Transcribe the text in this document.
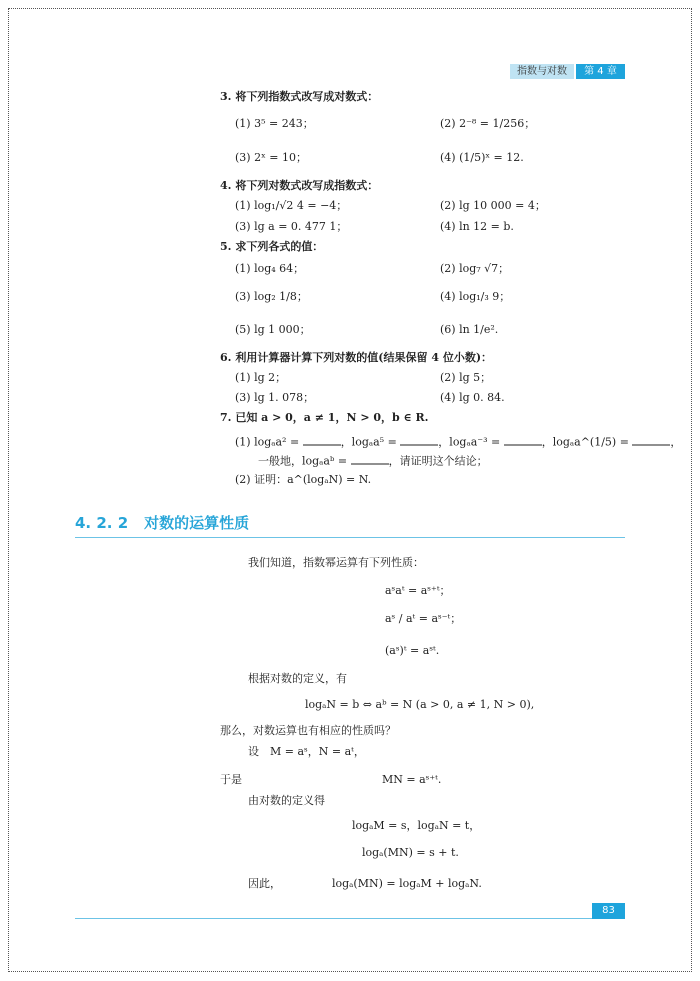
指数与对数	第 4 章
3. 将下列指数式改写成对数式：
(1) 3⁵ = 243；	(2) 2⁻⁸ = 1/256；
(3) 2ˣ = 10；	(4) (1/5)ˣ = 12.
4. 将下列对数式改写成指数式：
(1) log₁/√2 4 = −4；	(2) lg 10 000 = 4；
(3) lg a = 0. 477 1；	(4) ln 12 = b.
5. 求下列各式的值：
(1) log₄ 64；	(2) log₇ √7；
(3) log₂ 1/8；	(4) log₁/₃ 9；
(5) lg 1 000；	(6) ln 1/e².
6. 利用计算器计算下列对数的值(结果保留 4 位小数)：
(1) lg 2；	(2) lg 5；
(3) lg 1. 078；	(4) lg 0. 84.
7. 已知 a > 0，a ≠ 1，N > 0，b ∈ R.
(1) logₐa² =	，logₐa⁵ =	，logₐa⁻³ =	，logₐa^(1/5) =	，
一般地，logₐaᵇ =	，请证明这个结论；
(2) 证明：a^(logₐN) = N.
4. 2. 2 对数的运算性质
我们知道，指数幂运算有下列性质：
aˢaᵗ = aˢ⁺ᵗ；
aˢ / aᵗ = aˢ⁻ᵗ；
(aˢ)ᵗ = aˢᵗ.
根据对数的定义，有
logₐN = b ⇔ aᵇ = N (a > 0, a ≠ 1, N > 0),
那么，对数运算也有相应的性质吗？
设　M = aˢ，N = aᵗ，
于是	MN = aˢ⁺ᵗ.
由对数的定义得
logₐM = s，logₐN = t，
logₐ(MN) = s + t.
因此，	logₐ(MN) = logₐM + logₐN.
83
